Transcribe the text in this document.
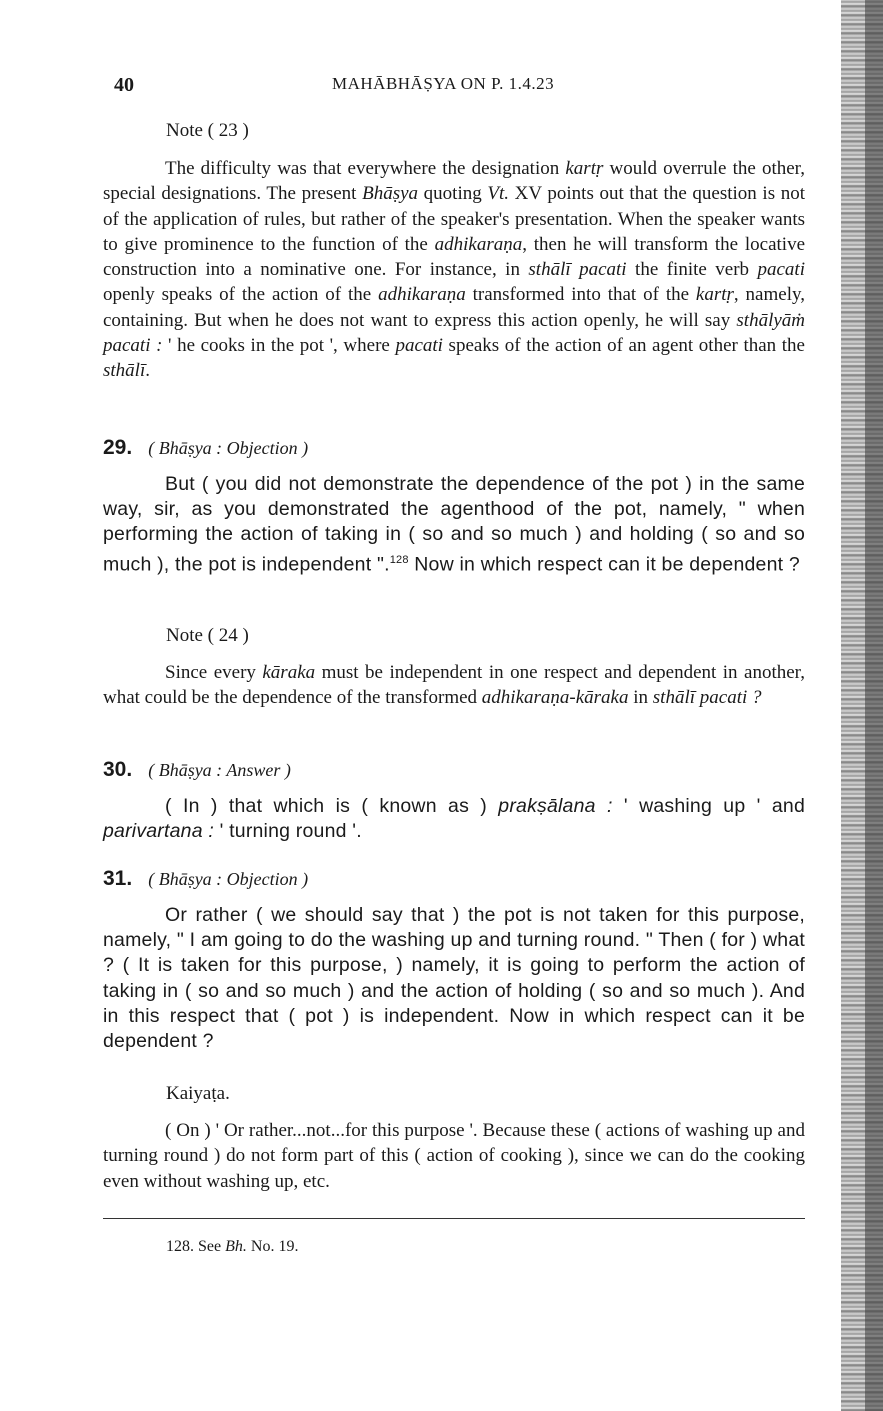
40	MAHĀBHĀṢYA ON P. 1.4.23
Note ( 23 )

The difficulty was that everywhere the designation kartṛ would overrule the other, special designations. The present Bhāṣya quoting Vt. XV points out that the question is not of the application of rules, but rather of the speaker's presentation. When the speaker wants to give prominence to the function of the adhikaraṇa, then he will transform the locative construction into a nominative one. For instance, in sthālī pacati the finite verb pacati openly speaks of the action of the adhikaraṇa transformed into that of the kartṛ, namely, containing. But when he does not want to express this action openly, he will say sthālyāṁ pacati : ' he cooks in the pot ', where pacati speaks of the action of an agent other than the sthālī.

29. ( Bhāṣya : Objection )

But ( you did not demonstrate the dependence of the pot ) in the same way, sir, as you demonstrated the agenthood of the pot, namely, " when performing the action of taking in ( so and so much ) and holding ( so and so much ), the pot is independent ".$^{128}$ Now in which respect can it be dependent ?

Note ( 24 )

Since every kāraka must be independent in one respect and dependent in another, what could be the dependence of the transformed adhikaraṇa-kāraka in sthālī pacati ?

30. ( Bhāṣya : Answer )

( In ) that which is ( known as ) prakṣālana : ' washing up ' and parivartana : ' turning round '.

31. ( Bhāṣya : Objection )

Or rather ( we should say that ) the pot is not taken for this purpose, namely, " I am going to do the washing up and turning round. " Then ( for ) what ? ( It is taken for this purpose, ) namely, it is going to perform the action of taking in ( so and so much ) and the action of holding ( so and so much ). And in this respect that ( pot ) is independent. Now in which respect can it be dependent ?

Kaiyaṭa.

( On ) ' Or rather...not...for this purpose '. Because these ( actions of washing up and turning round ) do not form part of this ( action of cooking ), since we can do the cooking even without washing up, etc.

128. See Bh. No. 19.
